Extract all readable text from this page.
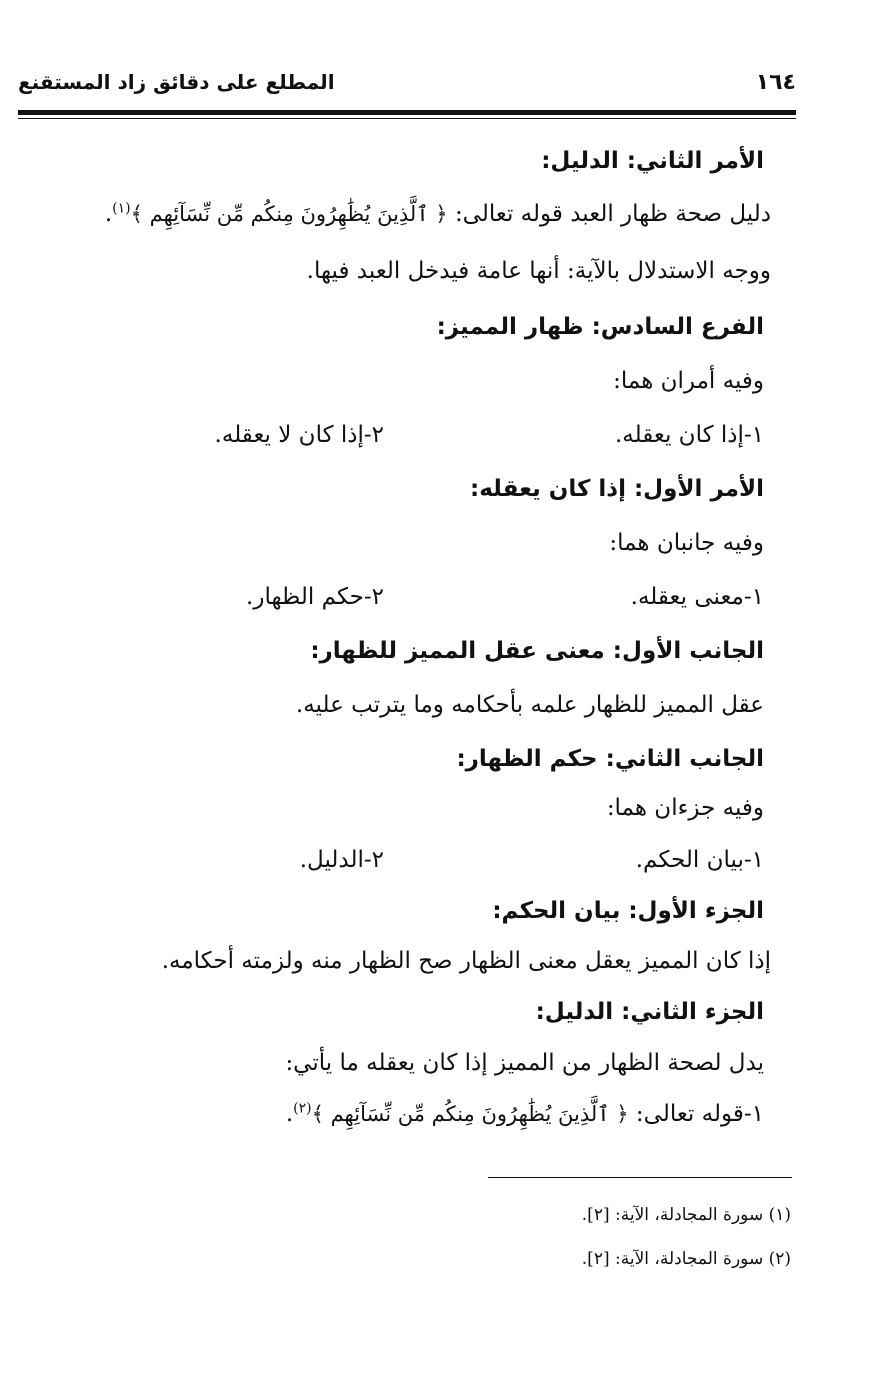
١٦٤
المطلع على دقائق زاد المستقنع
الأمر الثاني: الدليل:
دليل صحة ظهار العبد قوله تعالى: ﴿ ٱلَّذِينَ يُظَٰهِرُونَ مِنكُم مِّن نِّسَآئِهِم ﴾$^{(١)}$.
ووجه الاستدلال بالآية: أنها عامة فيدخل العبد فيها.
الفرع السادس: ظهار المميز:
وفيه أمران هما:
١-إذا كان يعقله.
٢-إذا كان لا يعقله.
الأمر الأول: إذا كان يعقله:
وفيه جانبان هما:
١-معنى يعقله.
٢-حكم الظهار.
الجانب الأول: معنى عقل المميز للظهار:
عقل المميز للظهار علمه بأحكامه وما يترتب عليه.
الجانب الثاني: حكم الظهار:
وفيه جزءان هما:
١-بيان الحكم.
٢-الدليل.
الجزء الأول: بيان الحكم:
إذا كان المميز يعقل معنى الظهار صح الظهار منه ولزمته أحكامه.
الجزء الثاني: الدليل:
يدل لصحة الظهار من المميز إذا كان يعقله ما يأتي:
١-قوله تعالى: ﴿ ٱلَّذِينَ يُظَٰهِرُونَ مِنكُم مِّن نِّسَآئِهِم ﴾$^{(٢)}$.
(١) سورة المجادلة، الآية: [٢].
(٢) سورة المجادلة، الآية: [٢].
